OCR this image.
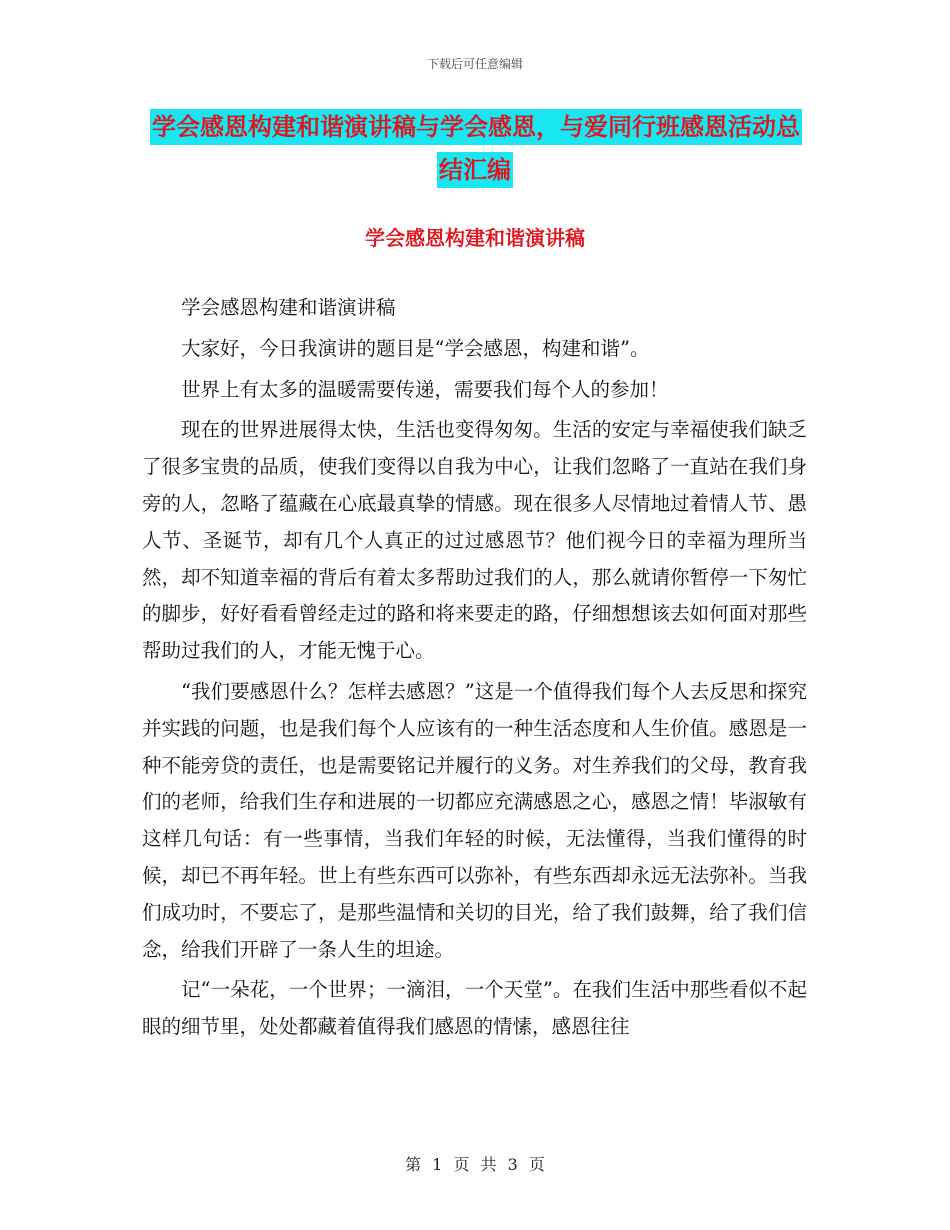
下载后可任意编辑
学会感恩构建和谐演讲稿与学会感恩，与爱同行班感恩活动总结汇编
学会感恩构建和谐演讲稿

学会感恩构建和谐演讲稿

大家好，今日我演讲的题目是“学会感恩，构建和谐”。

世界上有太多的温暖需要传递，需要我们每个人的参加！

现在的世界进展得太快，生活也变得匆匆。生活的安定与幸福使我们缺乏了很多宝贵的品质，使我们变得以自我为中心，让我们忽略了一直站在我们身旁的人，忽略了蕴藏在心底最真挚的情感。现在很多人尽情地过着情人节、愚人节、圣诞节，却有几个人真正的过过感恩节？他们视今日的幸福为理所当然，却不知道幸福的背后有着太多帮助过我们的人，那么就请你暂停一下匆忙的脚步，好好看看曾经走过的路和将来要走的路，仔细想想该去如何面对那些帮助过我们的人，才能无愧于心。

“我们要感恩什么？怎样去感恩？”这是一个值得我们每个人去反思和探究并实践的问题，也是我们每个人应该有的一种生活态度和人生价值。感恩是一种不能旁贷的责任，也是需要铭记并履行的义务。对生养我们的父母，教育我们的老师，给我们生存和进展的一切都应充满感恩之心，感恩之情！毕淑敏有这样几句话：有一些事情，当我们年轻的时候，无法懂得，当我们懂得的时候，却已不再年轻。世上有些东西可以弥补，有些东西却永远无法弥补。当我们成功时，不要忘了，是那些温情和关切的目光，给了我们鼓舞，给了我们信念，给我们开辟了一条人生的坦途。

记“一朵花，一个世界；一滴泪，一个天堂”。在我们生活中那些看似不起眼的细节里，处处都藏着值得我们感恩的情愫，感恩往往

第 1 页 共 3 页
